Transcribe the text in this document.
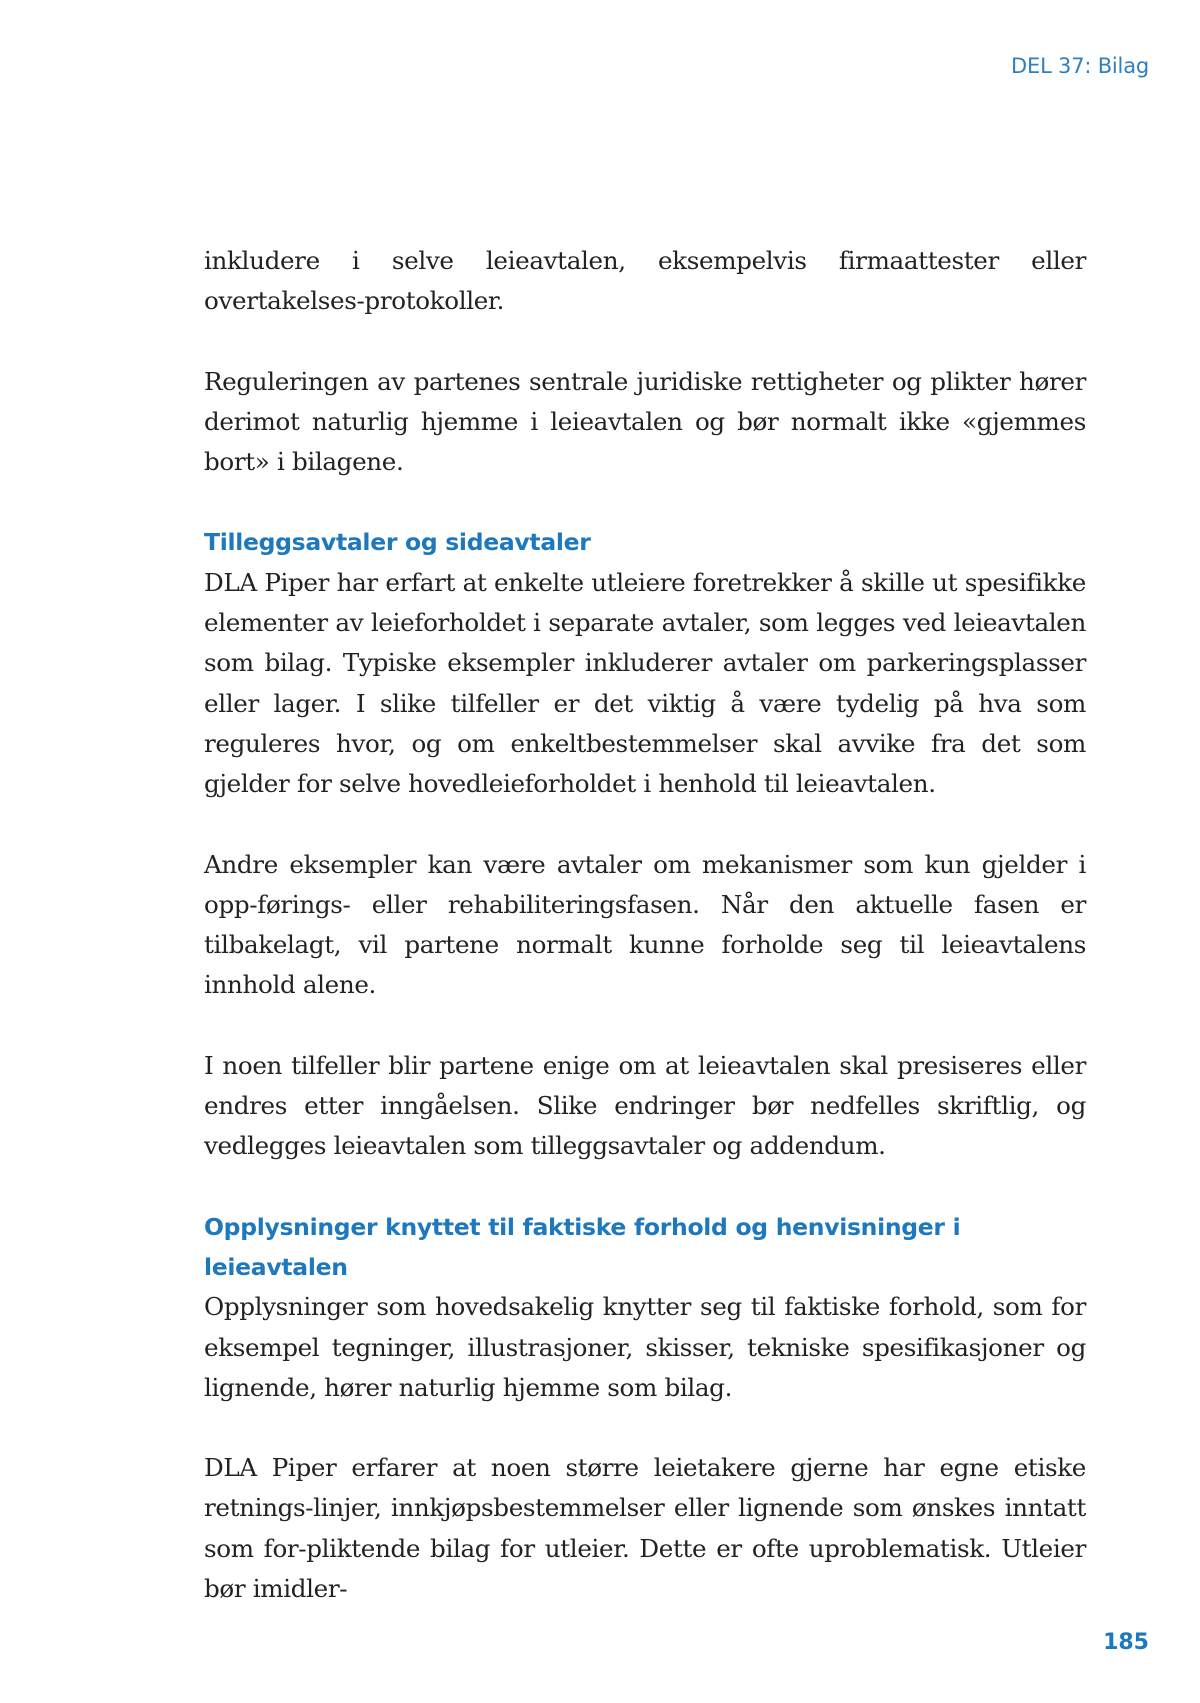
DEL 37: Bilag

inkludere i selve leieavtalen, eksempelvis firmaattester eller overtakelses-protokoller.

Reguleringen av partenes sentrale juridiske rettigheter og plikter hører derimot naturlig hjemme i leieavtalen og bør normalt ikke «gjemmes bort» i bilagene.

Tilleggsavtaler og sideavtaler

DLA Piper har erfart at enkelte utleiere foretrekker å skille ut spesifikke elementer av leieforholdet i separate avtaler, som legges ved leieavtalen som bilag. Typiske eksempler inkluderer avtaler om parkeringsplasser eller lager. I slike tilfeller er det viktig å være tydelig på hva som reguleres hvor, og om enkeltbestemmelser skal avvike fra det som gjelder for selve hovedleieforholdet i henhold til leieavtalen.

Andre eksempler kan være avtaler om mekanismer som kun gjelder i opp-førings- eller rehabiliteringsfasen. Når den aktuelle fasen er tilbakelagt, vil partene normalt kunne forholde seg til leieavtalens innhold alene.

I noen tilfeller blir partene enige om at leieavtalen skal presiseres eller endres etter inngåelsen. Slike endringer bør nedfelles skriftlig, og vedlegges leieavtalen som tilleggsavtaler og addendum.

Opplysninger knyttet til faktiske forhold og henvisninger i leieavtalen

Opplysninger som hovedsakelig knytter seg til faktiske forhold, som for eksempel tegninger, illustrasjoner, skisser, tekniske spesifikasjoner og lignende, hører naturlig hjemme som bilag.

DLA Piper erfarer at noen større leietakere gjerne har egne etiske retnings-linjer, innkjøpsbestemmelser eller lignende som ønskes inntatt som for-pliktende bilag for utleier. Dette er ofte uproblematisk. Utleier bør imidler-

185
